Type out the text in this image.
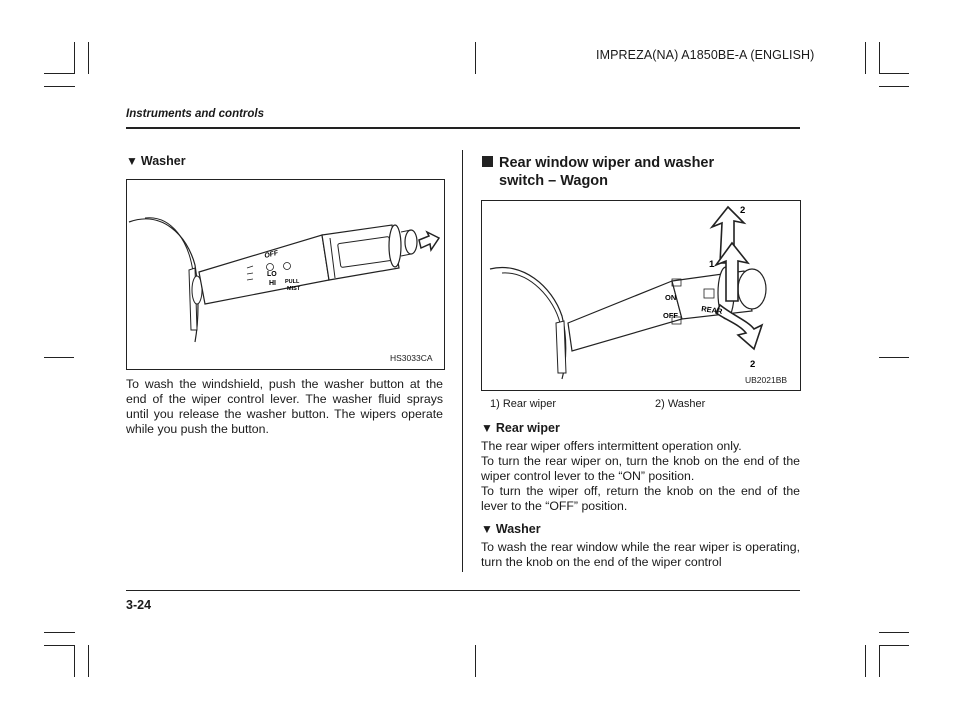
IMPREZA(NA) A1850BE-A (ENGLISH)
Instruments and controls
▼ Washer
OFF
LO
HI PULL
MIST
HS3033CA
To wash the windshield, push the washer button at the end of the wiper control lever. The washer fluid sprays until you release the washer button. The wipers operate while you push the button.
Rear window wiper and washer
switch – Wagon
ON
OFF	REAR
1
2
2
UB2021BB
1) Rear wiper	2) Washer
▼ Rear wiper
The rear wiper offers intermittent operation only.
To turn the rear wiper on, turn the knob on the end of the wiper control lever to the “ON” position.
To turn the wiper off, return the knob on the end of the lever to the “OFF” position.
▼ Washer
To wash the rear window while the rear wiper is operating, turn the knob on the end of the wiper control
3-24
